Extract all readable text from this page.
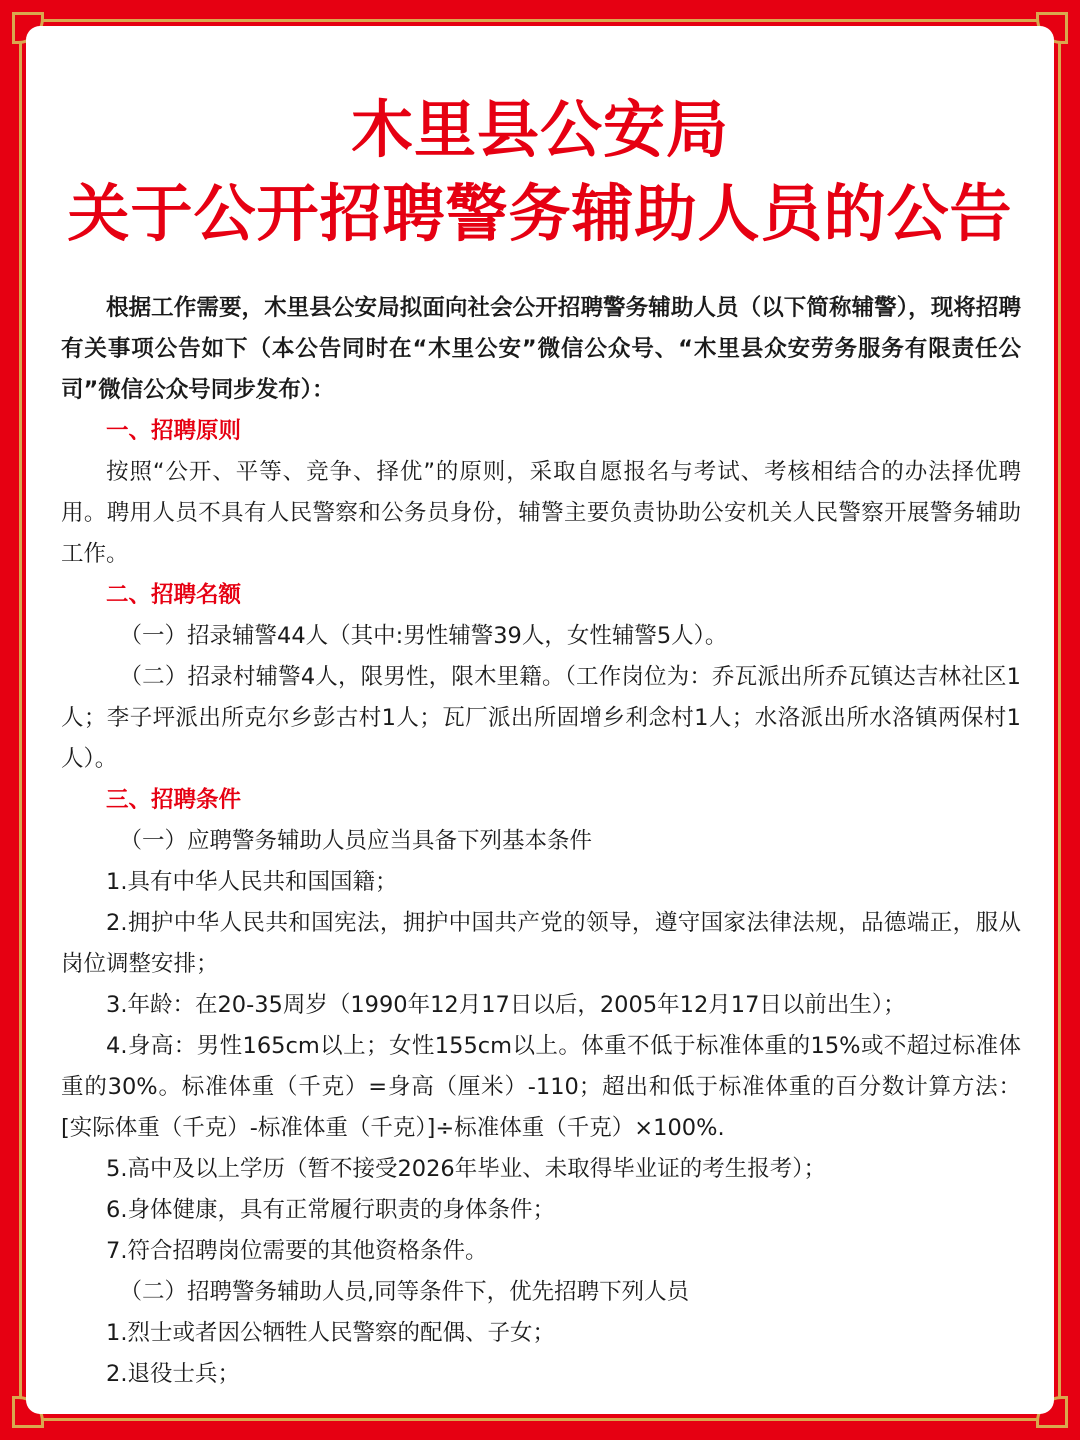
木里县公安局
关于公开招聘警务辅助人员的公告

根据工作需要，木里县公安局拟面向社会公开招聘警务辅助人员（以下简称辅警），现将招聘有关事项公告如下（本公告同时在“木里公安”微信公众号、“木里县众安劳务服务有限责任公司”微信公众号同步发布）：

一、招聘原则

按照“公开、平等、竞争、择优”的原则，采取自愿报名与考试、考核相结合的办法择优聘用。聘用人员不具有人民警察和公务员身份，辅警主要负责协助公安机关人民警察开展警务辅助工作。

二、招聘名额

（一）招录辅警44人（其中:男性辅警39人，女性辅警5人）。

（二）招录村辅警4人，限男性，限木里籍。（工作岗位为：乔瓦派出所乔瓦镇达吉林社区1人；李子坪派出所克尔乡彭古村1人；瓦厂派出所固增乡利念村1人；水洛派出所水洛镇两保村1人）。

三、招聘条件

（一）应聘警务辅助人员应当具备下列基本条件

1.具有中华人民共和国国籍；

2.拥护中华人民共和国宪法，拥护中国共产党的领导，遵守国家法律法规，品德端正，服从岗位调整安排；

3.年龄：在20-35周岁（1990年12月17日以后，2005年12月17日以前出生）；

4.身高：男性165cm以上；女性155cm以上。体重不低于标准体重的15%或不超过标准体重的30%。标准体重（千克）=身高（厘米）-110；超出和低于标准体重的百分数计算方法：[实际体重（千克）-标准体重（千克）]÷标准体重（千克）×100%.

5.高中及以上学历（暂不接受2026年毕业、未取得毕业证的考生报考）；

6.身体健康，具有正常履行职责的身体条件；

7.符合招聘岗位需要的其他资格条件。

（二）招聘警务辅助人员,同等条件下，优先招聘下列人员

1.烈士或者因公牺牲人民警察的配偶、子女；

2.退役士兵；
